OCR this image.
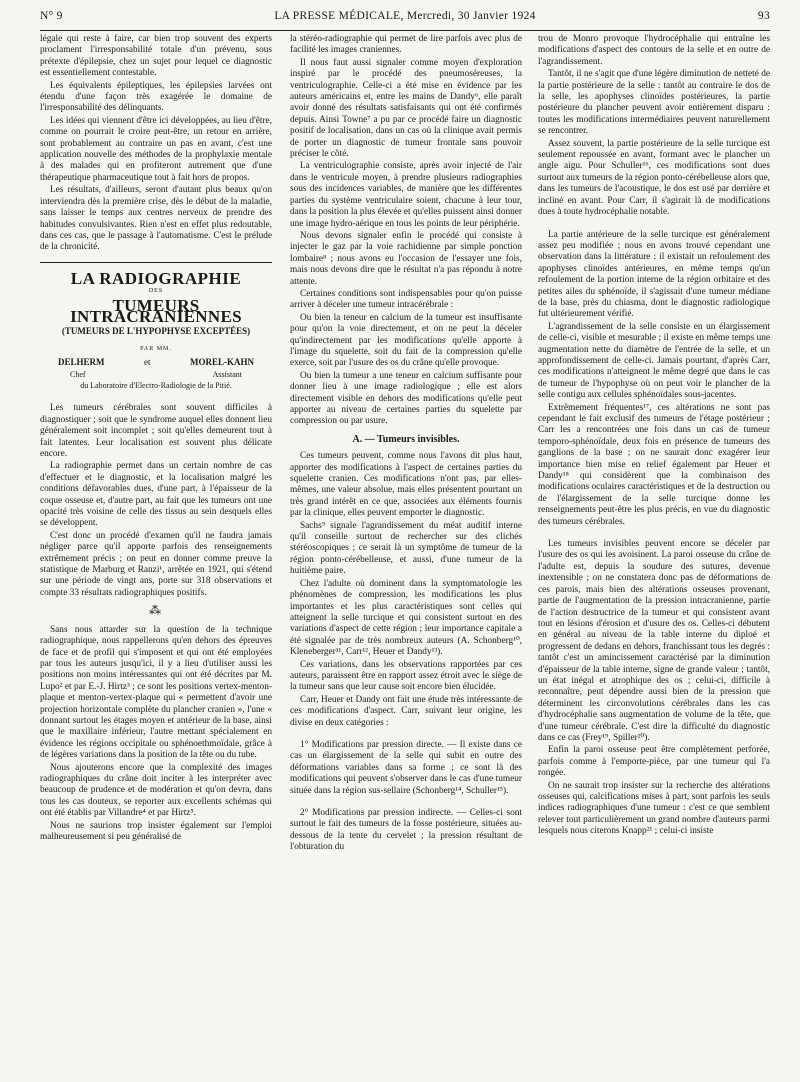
N° 9	LA PRESSE MÉDICALE, Mercredi, 30 Janvier 1924	93

légale qui reste à faire, car bien trop souvent des experts proclament l'irresponsabilité totale d'un prévenu, sous prétexte d'épilepsie, chez un sujet pour lequel ce diagnostic est essentiellement contestable.

Les équivalents épileptiques, les épilepsies larvées ont étendu d'une façon très exagérée le domaine de l'irresponsabilité des délinquants.

Les idées qui viennent d'être ici développées, au lieu d'être, comme on pourrait le croire peut-être, un retour en arrière, sont probablement au contraire un pas en avant, c'est une application nouvelle des méthodes de la prophylaxie mentale à des malades qui en profiteront autrement que d'une thérapeutique pharmaceutique tout à fait hors de propos.

Les résultats, d'ailleurs, seront d'autant plus beaux qu'on interviendra dès la première crise, dès le début de la maladie, sans laisser le temps aux centres nerveux de prendre des habitudes convulsivantes. Rien n'est en effet plus redoutable, dans ces cas, que le passage à l'automatisme. C'est le prélude de la chronicité.

LA RADIOGRAPHIE
DES
TUMEURS INTRACRANIENNES
(TUMEURS DE L'HYPOPHYSE EXCEPTÉES)
PAR MM.
DELHERM	et	MOREL-KAHN
Chef	Assistant
du Laboratoire d'Electro-Radiologie de la Pitié.

Les tumeurs cérébrales sont souvent difficiles à diagnostiquer ; soit que le syndrome auquel elles donnent lieu généralement soit incomplet ; soit qu'elles demeurent tout à fait latentes. Leur localisation est souvent plus délicate encore.

La radiographie permet dans un certain nombre de cas d'effectuer et le diagnostic, et la localisation malgré les conditions défavorables dues, d'une part, à l'épaisseur de la coque osseuse et, d'autre part, au fait que les tumeurs ont une opacité très voisine de celle des tissus au sein desquels elles se développent.

C'est donc un procédé d'examen qu'il ne faudra jamais négliger parce qu'il apporte parfois des renseignements extrêmement précis ; on peut en donner comme preuve la statistique de Marburg et Ranzi¹, arrêtée en 1921, qui s'étend sur une période de vingt ans, porte sur 318 observations et compte 33 résultats radiographiques positifs.

⁂

Sans nous attarder sur la question de la technique radiographique, nous rappellerons qu'en dehors des épreuves de face et de profil qui s'imposent et qui ont été employées par tous les auteurs jusqu'ici, il y a lieu d'utiliser aussi les positions non moins intéressantes qui ont été décrites par M. Lupo² et par E.-J. Hirtz³ ; ce sont les positions vertex-menton-plaque et menton-vertex-plaque qui « permettent d'avoir une projection horizontale complète du plancher cranien », l'une « donnant surtout les étages moyen et antérieur de la base, ainsi que le maxillaire inférieur, l'autre mettant spécialement en évidence les régions occipitale ou sphénoethmoïdale, grâce à de légères variations dans la position de la tête ou du tube.

Nous ajouterons encore que la complexité des images radiographiques du crâne doit inciter à les interpréter avec beaucoup de prudence et de modération et qu'on devra, dans tous les cas douteux, se reporter aux excellents schémas qui ont été établis par Villandre⁴ et par Hirtz⁵.

Nous ne saurions trop insister également sur l'emploi malheureusement si peu généralisé de

la stéréo-radiographie qui permet de lire parfois avec plus de facilité les images craniennes.

Il nous faut aussi signaler comme moyen d'exploration inspiré par le procédé des pneumoséreuses, la ventriculographie. Celle-ci a été mise en évidence par les auteurs américains et, entre les mains de Dandy⁶, elle paraît avoir donné des résultats satisfaisants qui ont été confirmés depuis. Ainsi Towne⁷ a pu par ce procédé faire un diagnostic positif de localisation, dans un cas où la clinique avait permis de porter un diagnostic de tumeur frontale sans pouvoir préciser le côté.

La ventriculographie consiste, après avoir injecté de l'air dans le ventricule moyen, à prendre plusieurs radiographies sous des incidences variables, de manière que les différentes parties du système ventriculaire soient, chacune à leur tour, dans la position la plus élevée et qu'elles puissent ainsi donner une image hydro-aérique en tous les points de leur périphérie.

Nous devons signaler enfin le procédé qui consiste à injecter le gaz par la voie rachidienne par simple ponction lombaire⁸ ; nous avons eu l'occasion de l'essayer une fois, mais nous devons dire que le résultat n'a pas répondu à notre attente.

Certaines conditions sont indispensables pour qu'on puisse arriver à déceler une tumeur intracérébrale :

Ou bien la teneur en calcium de la tumeur est insuffisante pour qu'on la voie directement, et on ne peut la déceler qu'indirectement par les modifications qu'elle apporte à l'image du squelette, soit du fait de la compression qu'elle exerce, soit par l'usure des os du crâne qu'elle provoque.

Ou bien la tumeur a une teneur en calcium suffisante pour donner lieu à une image radiologique ; elle est alors directement visible en dehors des modifications qu'elle peut apporter au niveau de certaines parties du squelette par compression ou par usure.

A. — Tumeurs invisibles.

Ces tumeurs peuvent, comme nous l'avons dit plus haut, apporter des modifications à l'aspect de certaines parties du squelette cranien. Ces modifications n'ont pas, par elles-mêmes, une valeur absolue, mais elles présentent pourtant un très grand intérêt en ce que, associées aux éléments fournis par la clinique, elles peuvent emporter le diagnostic.

Sachs⁹ signale l'agrandissement du méat auditif interne qu'il conseille surtout de rechercher sur des clichés stéréoscopiques ; ce serait là un symptôme de tumeur de la région ponto-cérébelleuse, et aussi, d'une tumeur de la huitième paire.

Chez l'adulte où dominent dans la symptomatologie les phénomènes de compression, les modifications les plus importantes et les plus caractéristiques sont celles qui atteignent la selle turcique et qui consistent surtout en des variations d'aspect de cette région ; leur importance capitale a été signalée par de très nombreux auteurs (A. Schonberg¹⁰, Kleneberger¹¹, Carr¹², Heuer et Dandy¹³).

Ces variations, dans les observations rapportées par ces auteurs, paraissent être en rapport assez étroit avec le siège de la tumeur sans que leur cause soit encore bien élucidée.

Carr, Heuer et Dandy ont fait une étude très intéressante de ces modifications d'aspect. Carr, suivant leur origine, les divise en deux catégories :

1° Modifications par pression directe. — Il existe dans ce cas un élargissement de la selle qui subit en outre des déformations variables dans sa forme ; ce sont là des modifications qui peuvent s'observer dans le cas d'une tumeur située dans la région sus-sellaire (Schonberg¹⁴, Schuller¹⁵).

2° Modifications par pression indirecte. — Celles-ci sont surtout le fait des tumeurs de la fosse postérieure, situées au-dessous de la tente du cervelet ; la pression résultant de l'obturation du

trou de Monro provoque l'hydrocéphalie qui entraîne les modifications d'aspect des contours de la selle et en outre de l'agrandissement.

Tantôt, il ne s'agit que d'une légère diminution de netteté de la partie postérieure de la selle : tantôt au contraire le dos de la selle, les apophyses clinoïdes postérieures, la partie postérieure du plancher peuvent avoir entièrement disparu : toutes les modifications intermédiaires peuvent naturellement se rencontrer.

Assez souvent, la partie postérieure de la selle turcique est seulement repoussée en avant, formant avec le plancher un angle aigu. Pour Schuller¹⁶, ces modifications sont dues surtout aux tumeurs de la région ponto-cérébelleuse alors que, dans les tumeurs de l'acoustique, le dos est usé par derrière et incliné en avant. Pour Carr, il s'agirait là de modifications dues à toute hydrocéphalie notable.

La partie antérieure de la selle turcique est généralement assez peu modifiée ; nous en avons trouvé cependant une observation dans la littérature : il existait un refoulement des apophyses clinoïdes antérieures, en même temps qu'un refoulement de la portion interne de la région orbitaire et des petites ailes du sphénoïde, il s'agissait d'une tumeur médiane de la base, près du chiasma, dont le diagnostic radiologique fut ultérieurement vérifié.

L'agrandissement de la selle consiste en un élargissement de celle-ci, visible et mesurable ; il existe en même temps une augmentation nette du diamètre de l'entrée de la selle, et un approfondissement de celle-ci. Jamais pourtant, d'après Carr, ces modifications n'atteignent le même degré que dans le cas de tumeur de l'hypophyse où on peut voir le plancher de la selle contigu aux cellules sphénoïdales sous-jacentes.

Extrêmement fréquentes¹⁷, ces altérations ne sont pas cependant le fait exclusif des tumeurs de l'étage postérieur ; Carr les a rencontrées une fois dans un cas de tumeur temporo-sphénoïdale, deux fois en présence de tumeurs des ganglions de la base ; on ne saurait donc exagérer leur importance bien mise en relief également par Heuer et Dandy¹⁸ qui considèrent que la combinaison des modifications oculaires caractéristiques et de la destruction ou de l'élargissement de la selle turcique donne les renseignements peut-être les plus précis, en vue du diagnostic des tumeurs cérébrales.

Les tumeurs invisibles peuvent encore se déceler par l'usure des os qui les avoisinent. La paroi osseuse du crâne de l'adulte est, depuis la soudure des sutures, devenue inextensible ; on ne constatera donc pas de déformations de ces parois, mais bien des altérations osseuses provenant, partie de l'augmentation de la pression intracranienne, partie de l'action destructrice de la tumeur et qui consistent avant tout en lésions d'érosion et d'usure des os. Celles-ci débutent en général au niveau de la table interne du diploé et progressent de dedans en dehors, franchissant tous les degrés : tantôt c'est un amincissement caractérisé par la diminution d'épaisseur de la table interne, signe de grande valeur ; tantôt, un état inégal et atrophique des os ; celui-ci, difficile à reconnaître, peut dépendre aussi bien de la pression que déterminent les circonvolutions cérébrales dans les cas d'hydrocéphalie sans augmentation de volume de la tête, que d'une tumeur cérébrale. C'est dire la difficulté du diagnostic dans ce cas (Frey¹⁹, Spiller²⁰).

Enfin la paroi osseuse peut être complètement perforée, parfois comme à l'emporte-pièce, par une tumeur qui l'a rongée.

On ne saurait trop insister sur la recherche des altérations osseuses qui, calcifications mises à part, sont parfois les seuls indices radiographiques d'une tumeur : c'est ce que semblent relever tout particulièrement un grand nombre d'auteurs parmi lesquels nous citerons Knapp²¹ ; celui-ci insiste
